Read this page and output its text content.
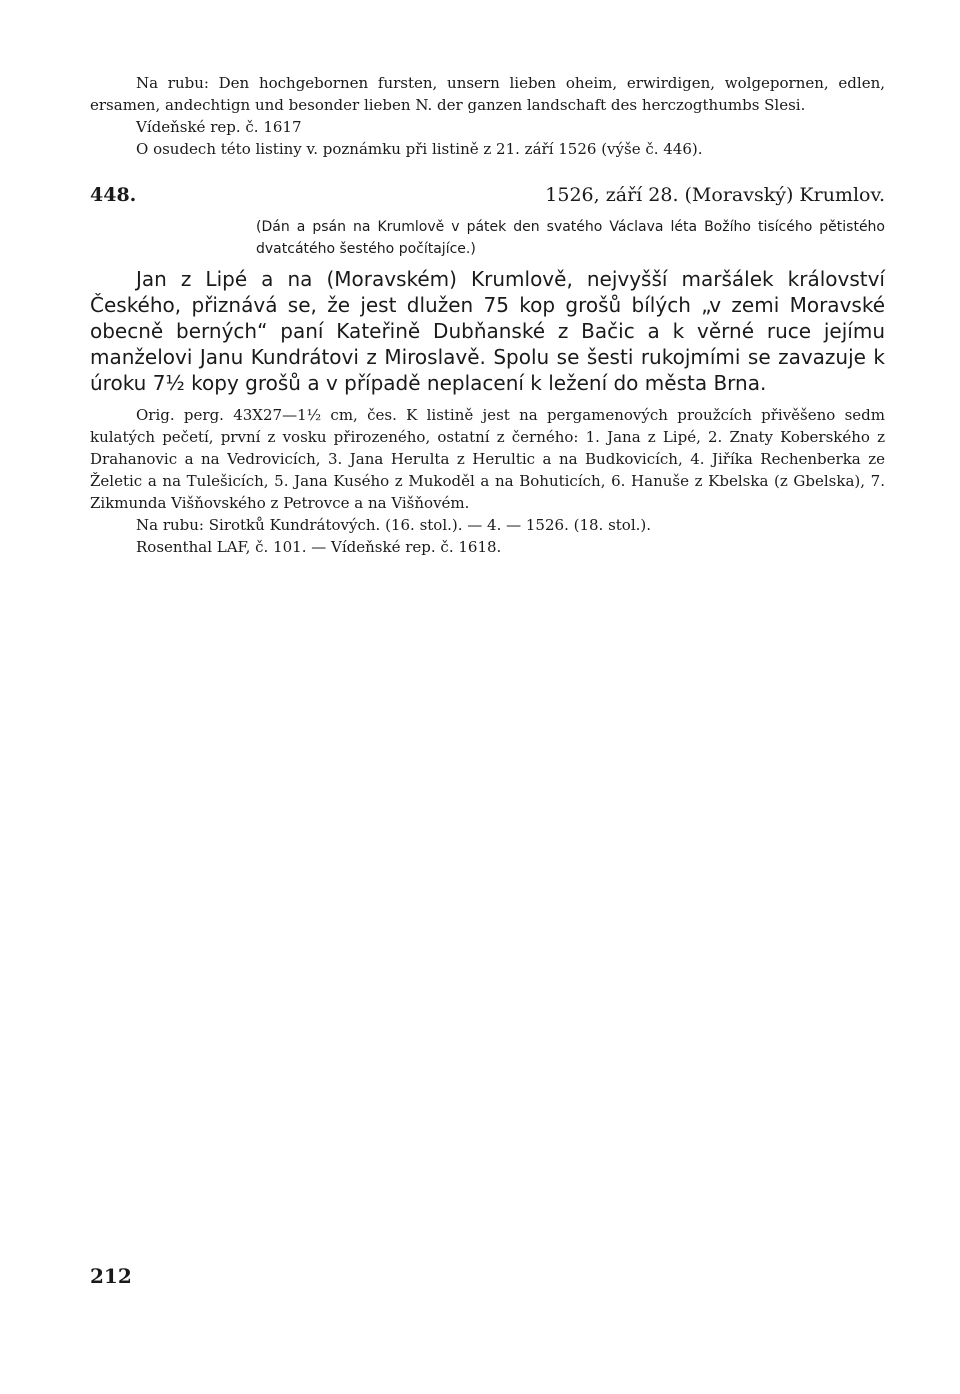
Na rubu: Den hochgebornen fursten, unsern lieben oheim, erwirdigen, wolgepornen, edlen, ersamen, andechtign und besonder lieben N. der ganzen landschaft des herczogthumbs Slesi.

Vídeňské rep. č. 1617

O osudech této listiny v. poznámku při listině z 21. září 1526 (výše č. 446).

448.	1526, září 28. (Moravský) Krumlov.

(Dán a psán na Krumlově v pátek den svatého Václava léta Božího tisícého pětistého dvatcátého šestého počítajíce.)

Jan z Lipé a na (Moravském) Krumlově, nejvyšší maršálek království Českého, přiznává se, že jest dlužen 75 kop grošů bílých „v zemi Moravské obecně berných“ paní Kateřině Dubňanské z Bačic a k věrné ruce jejímu manželovi Janu Kundrátovi z Miroslavě. Spolu se šesti rukojmími se zavazuje k úroku 7½ kopy grošů a v případě neplacení k ležení do města Brna.

Orig. perg. 43X27—1½ cm, čes. K listině jest na pergamenových proužcích přivěšeno sedm kulatých pečetí, první z vosku přirozeného, ostatní z černého: 1. Jana z Lipé, 2. Znaty Koberského z Drahanovic a na Vedrovicích, 3. Jana Herulta z Herultic a na Budkovicích, 4. Jiříka Rechenberka ze Želetic a na Tulešicích, 5. Jana Kusého z Mukoděl a na Bohuticích, 6. Hanuše z Kbelska (z Gbelska), 7. Zikmunda Višňovského z Petrovce a na Višňovém.

Na rubu: Sirotků Kundrátových. (16. stol.). — 4. — 1526. (18. stol.).

Rosenthal LAF, č. 101. — Vídeňské rep. č. 1618.

212
